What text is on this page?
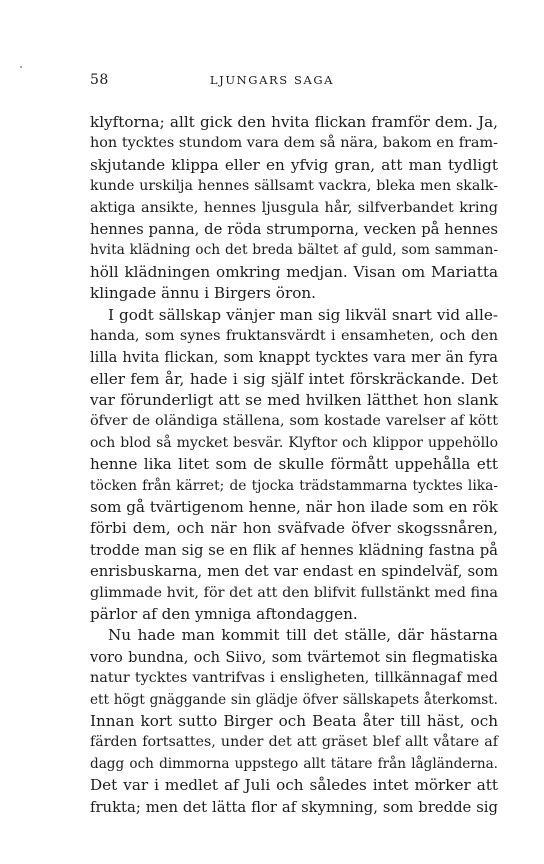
58	LJUNGARS SAGA
klyftorna; allt gick den hvita flickan framför dem. Ja,
hon tycktes stundom vara dem så nära, bakom en fram-
skjutande klippa eller en yfvig gran, att man tydligt
kunde urskilja hennes sällsamt vackra, bleka men skalk-
aktiga ansikte, hennes ljusgula hår, silfverbandet kring
hennes panna, de röda strumporna, vecken på hennes
hvita klädning och det breda bältet af guld, som samman-
höll klädningen omkring medjan. Visan om Mariatta
klingade ännu i Birgers öron.
I godt sällskap vänjer man sig likväl snart vid alle-
handa, som synes fruktansvärdt i ensamheten, och den
lilla hvita flickan, som knappt tycktes vara mer än fyra
eller fem år, hade i sig själf intet förskräckande. Det
var förunderligt att se med hvilken lätthet hon slank
öfver de oländiga ställena, som kostade varelser af kött
och blod så mycket besvär. Klyftor och klippor uppehöllo
henne lika litet som de skulle förmått uppehålla ett
töcken från kärret; de tjocka trädstammarna tycktes lika-
som gå tvärtigenom henne, när hon ilade som en rök
förbi dem, och när hon sväfvade öfver skogssnåren,
trodde man sig se en flik af hennes klädning fastna på
enrisbuskarna, men det var endast en spindelväf, som
glimmade hvit, för det att den blifvit fullstänkt med fina
pärlor af den ymniga aftondaggen.
Nu hade man kommit till det ställe, där hästarna
voro bundna, och Siivo, som tvärtemot sin flegmatiska
natur tycktes vantrifvas i ensligheten, tillkännagaf med
ett högt gnäggande sin glädje öfver sällskapets återkomst.
Innan kort sutto Birger och Beata åter till häst, och
färden fortsattes, under det att gräset blef allt våtare af
dagg och dimmorna uppstego allt tätare från lågländerna.
Det var i medlet af Juli och således intet mörker att
frukta; men det lätta flor af skymning, som bredde sig
